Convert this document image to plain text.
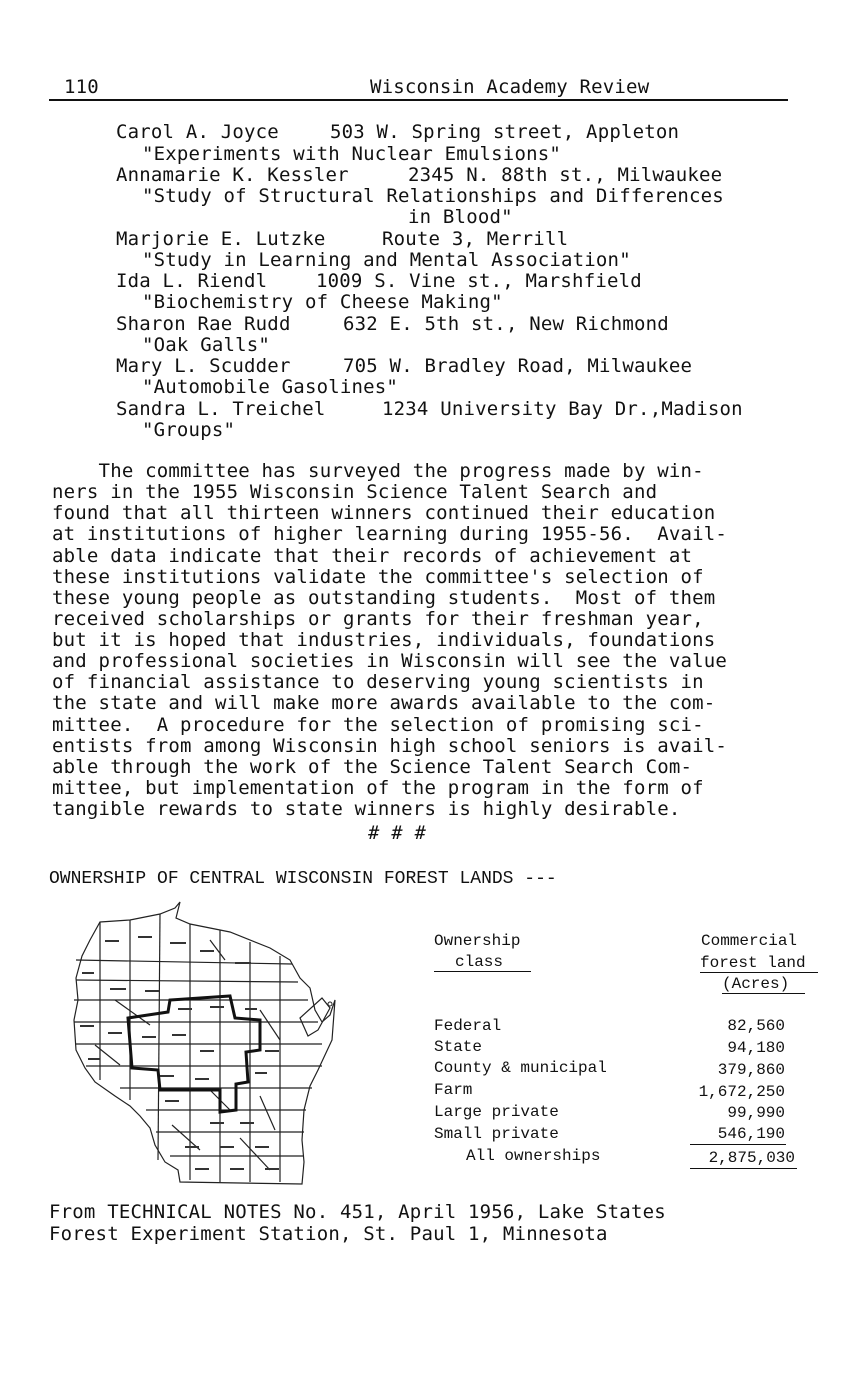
110	Wisconsin Academy Review
Carol A. Joyce	503 W. Spring street, Appleton
"Experiments with Nuclear Emulsions"
Annamarie K. Kessler	2345 N. 88th st., Milwaukee
"Study of Structural Relationships and Differences
in Blood"
Marjorie E. Lutzke	Route 3, Merrill
"Study in Learning and Mental Association"
Ida L. Riendl	1009 S. Vine st., Marshfield
"Biochemistry of Cheese Making"
Sharon Rae Rudd	632 E. 5th st., New Richmond
"Oak Galls"
Mary L. Scudder	705 W. Bradley Road, Milwaukee
"Automobile Gasolines"
Sandra L. Treichel	1234 University Bay Dr.,Madison
"Groups"
The committee has surveyed the progress made by win-
ners in the 1955 Wisconsin Science Talent Search and
found that all thirteen winners continued their education
at institutions of higher learning during 1955-56.  Avail-
able data indicate that their records of achievement at
these institutions validate the committee's selection of
these young people as outstanding students.  Most of them
received scholarships or grants for their freshman year,
but it is hoped that industries, individuals, foundations
and professional societies in Wisconsin will see the value
of financial assistance to deserving young scientists in
the state and will make more awards available to the com-
mittee.  A procedure for the selection of promising sci-
entists from among Wisconsin high school seniors is avail-
able through the work of the Science Talent Search Com-
mittee, but implementation of the program in the form of
tangible rewards to state winners is highly desirable.
# # #
OWNERSHIP OF CENTRAL WISCONSIN FOREST LANDS ---
Ownership
class
Commercial
forest land
(Acres)
Federal	82,560
State	94,180
County & municipal	379,860
Farm	1,672,250
Large private	99,990
Small private	546,190
All ownerships	2,875,030
From TECHNICAL NOTES No. 451, April 1956, Lake States
Forest Experiment Station, St. Paul 1, Minnesota
